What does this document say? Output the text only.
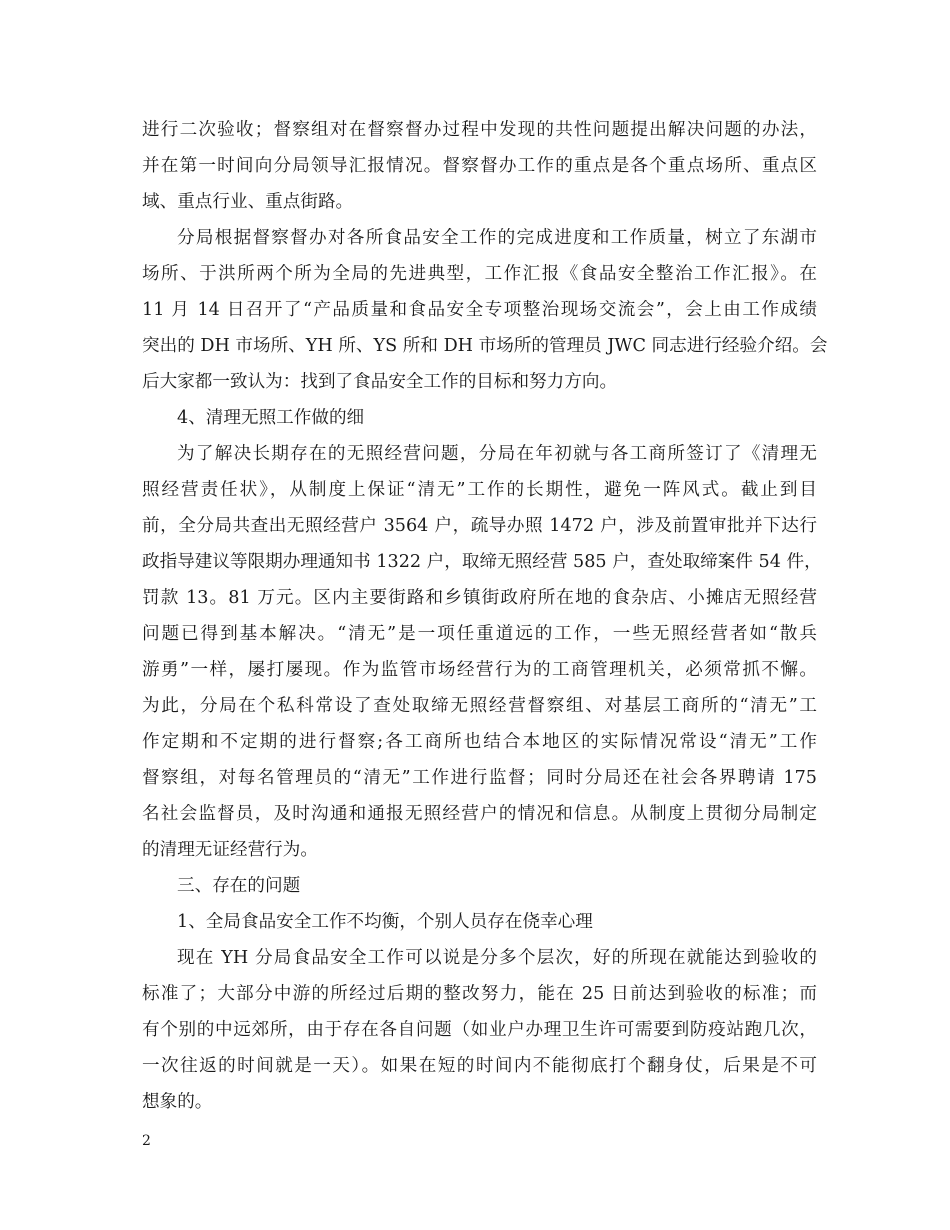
进行二次验收；督察组对在督察督办过程中发现的共性问题提出解决问题的办法，
并在第一时间向分局领导汇报情况。督察督办工作的重点是各个重点场所、重点区
域、重点行业、重点街路。
分局根据督察督办对各所食品安全工作的完成进度和工作质量，树立了东湖市
场所、于洪所两个所为全局的先进典型，工作汇报《食品安全整治工作汇报》。在
11 月 14 日召开了“产品质量和食品安全专项整治现场交流会”，会上由工作成绩
突出的 DH 市场所、YH 所、YS 所和 DH 市场所的管理员 JWC 同志进行经验介绍。会
后大家都一致认为：找到了食品安全工作的目标和努力方向。
4、清理无照工作做的细
为了解决长期存在的无照经营问题，分局在年初就与各工商所签订了《清理无
照经营责任状》，从制度上保证“清无”工作的长期性，避免一阵风式。截止到目
前，全分局共查出无照经营户 3564 户，疏导办照 1472 户，涉及前置审批并下达行
政指导建议等限期办理通知书 1322 户，取缔无照经营 585 户，查处取缔案件 54 件，
罚款 13。81 万元。区内主要街路和乡镇街政府所在地的食杂店、小摊店无照经营
问题已得到基本解决。“清无”是一项任重道远的工作，一些无照经营者如“散兵
游勇”一样，屡打屡现。作为监管市场经营行为的工商管理机关，必须常抓不懈。
为此，分局在个私科常设了查处取缔无照经营督察组、对基层工商所的“清无”工
作定期和不定期的进行督察;各工商所也结合本地区的实际情况常设“清无”工作
督察组，对每名管理员的“清无”工作进行监督；同时分局还在社会各界聘请 175
名社会监督员，及时沟通和通报无照经营户的情况和信息。从制度上贯彻分局制定
的清理无证经营行为。
三、存在的问题
1、全局食品安全工作不均衡，个别人员存在侥幸心理
现在 YH 分局食品安全工作可以说是分多个层次，好的所现在就能达到验收的
标准了；大部分中游的所经过后期的整改努力，能在 25 日前达到验收的标准；而
有个别的中远郊所，由于存在各自问题（如业户办理卫生许可需要到防疫站跑几次，
一次往返的时间就是一天）。如果在短的时间内不能彻底打个翻身仗，后果是不可
想象的。
2
